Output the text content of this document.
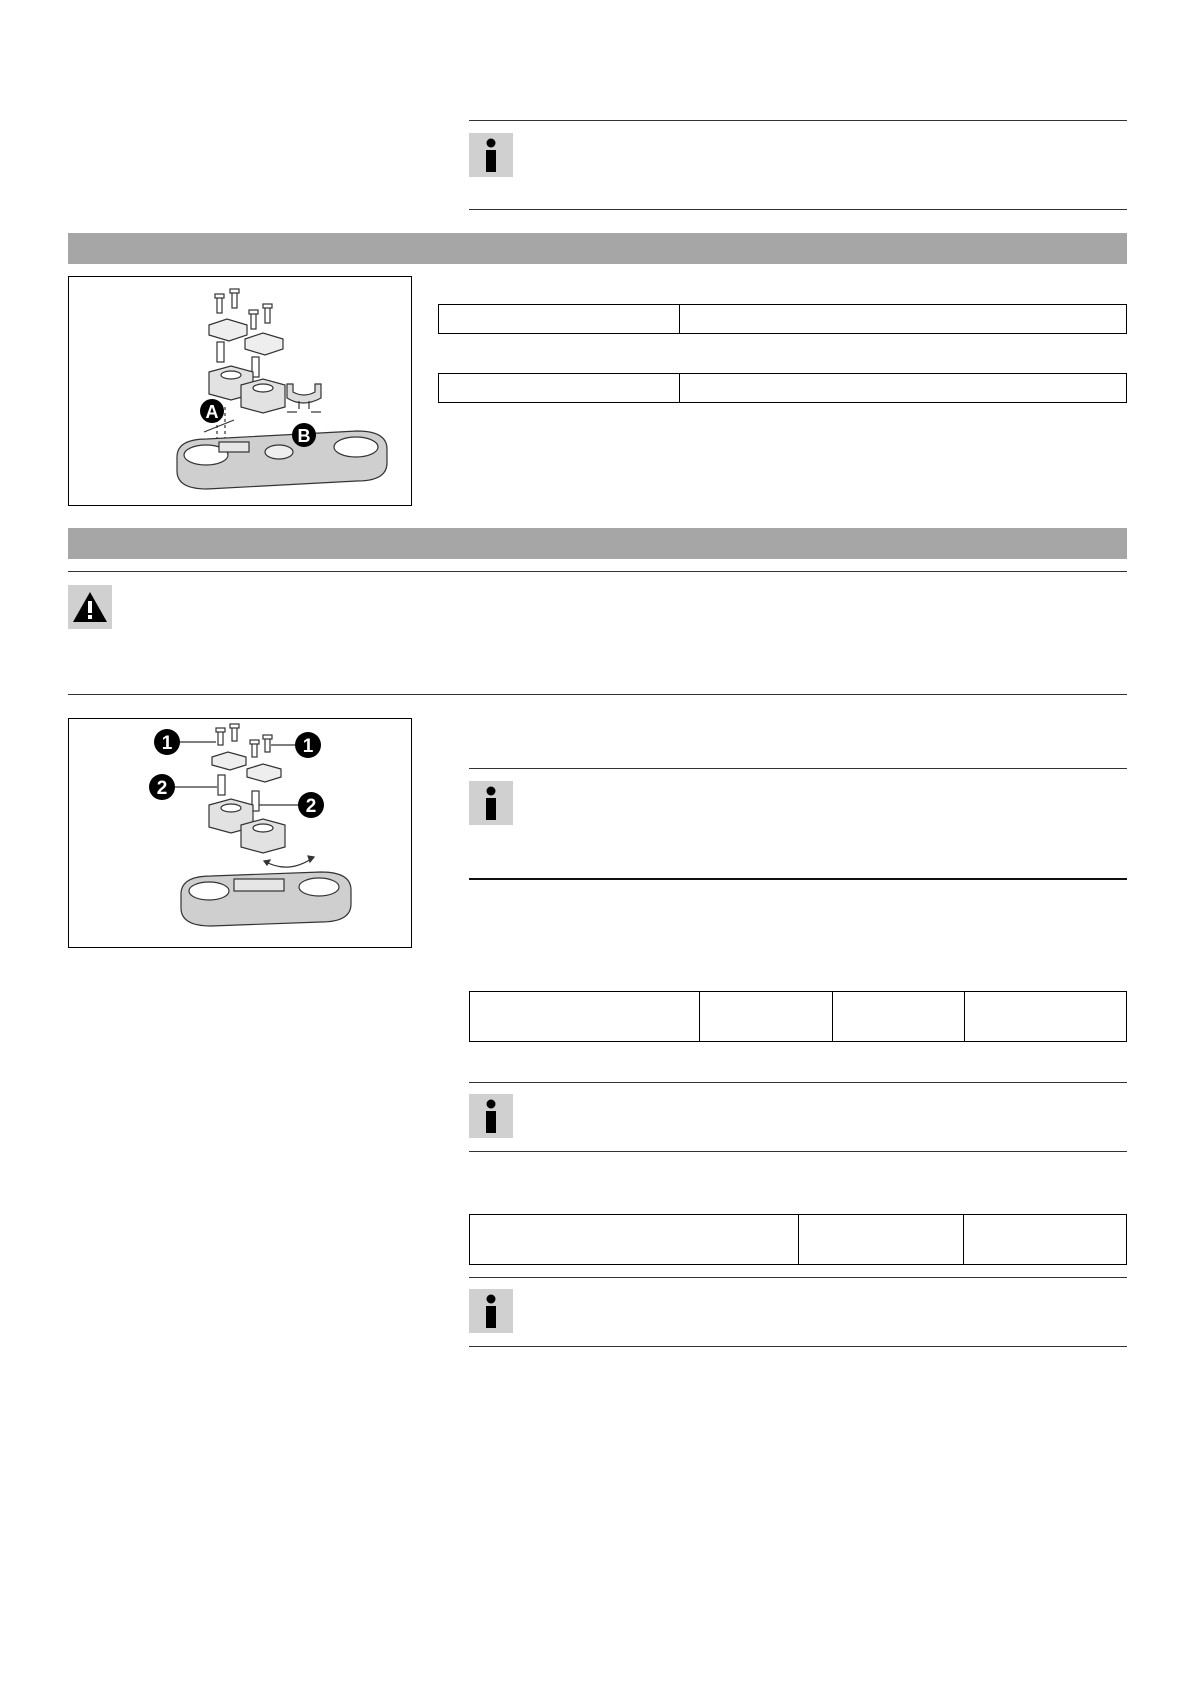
A
B

1	1
2
2
